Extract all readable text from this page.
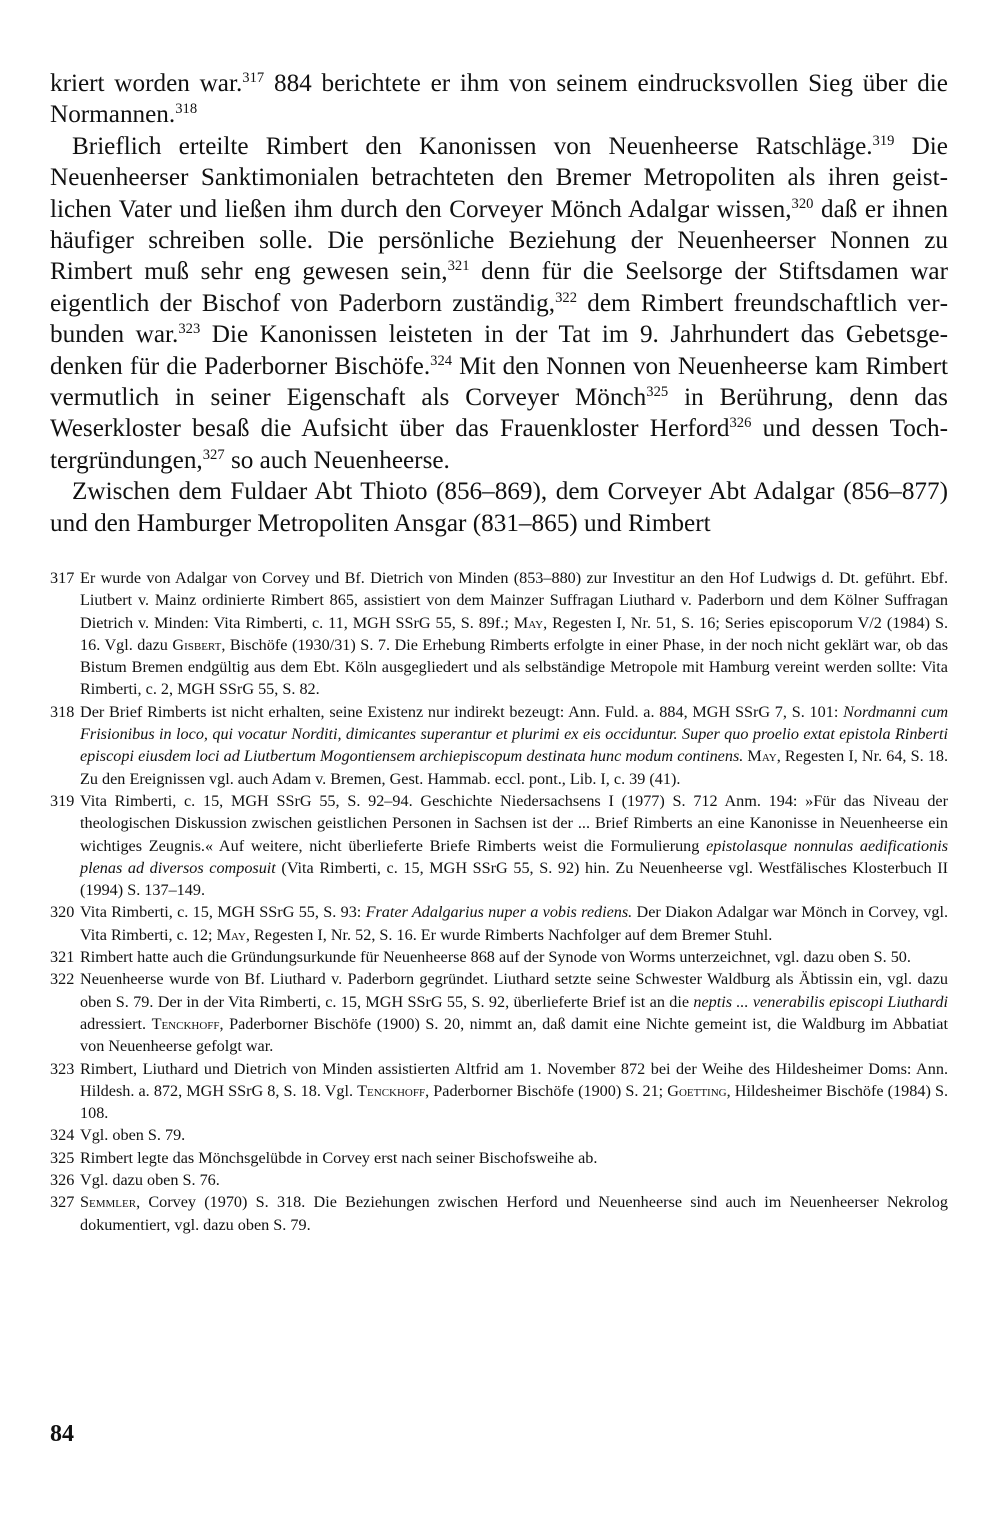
kriert worden war.$^{317}$ 884 berichtete er ihm von seinem eindrucksvollen Sieg über die Normannen.$^{318}$

Brieflich erteilte Rimbert den Kanonissen von Neuenheerse Ratschläge.$^{319}$ Die Neuenheerser Sanktimonialen betrachteten den Bremer Metropoliten als ihren geistlichen Vater und ließen ihm durch den Corveyer Mönch Adalgar wissen,$^{320}$ daß er ihnen häufiger schreiben solle. Die persönliche Beziehung der Neuenheerser Nonnen zu Rimbert muß sehr eng gewesen sein,$^{321}$ denn für die Seelsorge der Stiftsdamen war eigentlich der Bischof von Paderborn zuständig,$^{322}$ dem Rimbert freundschaftlich verbunden war.$^{323}$ Die Kanonissen leisteten in der Tat im 9. Jahrhundert das Gebetsgedenken für die Paderborner Bischöfe.$^{324}$ Mit den Nonnen von Neuenheerse kam Rimbert vermutlich in seiner Eigenschaft als Corveyer Mönch$^{325}$ in Berührung, denn das Weserkloster besaß die Aufsicht über das Frauenkloster Herford$^{326}$ und dessen Tochtergründungen,$^{327}$ so auch Neuenheerse.

Zwischen dem Fuldaer Abt Thioto (856–869), dem Corveyer Abt Adalgar (856–877) und den Hamburger Metropoliten Ansgar (831–865) und Rimbert

317 Er wurde von Adalgar von Corvey und Bf. Dietrich von Minden (853–880) zur Investitur an den Hof Ludwigs d. Dt. geführt. Ebf. Liutbert v. Mainz ordinierte Rimbert 865, assistiert von dem Mainzer Suffragan Liuthard v. Paderborn und dem Kölner Suffragan Dietrich v. Minden: Vita Rimberti, c. 11, MGH SSrG 55, S. 89f.; May, Regesten I, Nr. 51, S. 16; Series episcoporum V/2 (1984) S. 16. Vgl. dazu Gisbert, Bischöfe (1930/31) S. 7. Die Erhebung Rimberts erfolgte in einer Phase, in der noch nicht geklärt war, ob das Bistum Bremen endgültig aus dem Ebt. Köln ausgegliedert und als selbständige Metropole mit Hamburg vereint werden sollte: Vita Rimberti, c. 2, MGH SSrG 55, S. 82.
318 Der Brief Rimberts ist nicht erhalten, seine Existenz nur indirekt bezeugt: Ann. Fuld. a. 884, MGH SSrG 7, S. 101: Nordmanni cum Frisionibus in loco, qui vocatur Norditi, dimicantes superantur et plurimi ex eis occiduntur. Super quo proelio extat epistola Rinberti episcopi eiusdem loci ad Liutbertum Mogontiensem archiepiscopum destinata hunc modum continens. May, Regesten I, Nr. 64, S. 18. Zu den Ereignissen vgl. auch Adam v. Bremen, Gest. Hammab. eccl. pont., Lib. I, c. 39 (41).
319 Vita Rimberti, c. 15, MGH SSrG 55, S. 92–94. Geschichte Niedersachsens I (1977) S. 712 Anm. 194: »Für das Niveau der theologischen Diskussion zwischen geistlichen Personen in Sachsen ist der ... Brief Rimberts an eine Kanonisse in Neuenheerse ein wichtiges Zeugnis.« Auf weitere, nicht überlieferte Briefe Rimberts weist die Formulierung epistolasque nonnulas aedificationis plenas ad diversos composuit (Vita Rimberti, c. 15, MGH SSrG 55, S. 92) hin. Zu Neuenheerse vgl. Westfälisches Klosterbuch II (1994) S. 137–149.
320 Vita Rimberti, c. 15, MGH SSrG 55, S. 93: Frater Adalgarius nuper a vobis rediens. Der Diakon Adalgar war Mönch in Corvey, vgl. Vita Rimberti, c. 12; May, Regesten I, Nr. 52, S. 16. Er wurde Rimberts Nachfolger auf dem Bremer Stuhl.
321 Rimbert hatte auch die Gründungsurkunde für Neuenheerse 868 auf der Synode von Worms unterzeichnet, vgl. dazu oben S. 50.
322 Neuenheerse wurde von Bf. Liuthard v. Paderborn gegründet. Liuthard setzte seine Schwester Waldburg als Äbtissin ein, vgl. dazu oben S. 79. Der in der Vita Rimberti, c. 15, MGH SSrG 55, S. 92, überlieferte Brief ist an die neptis ... venerabilis episcopi Liuthardi adressiert. Tenckhoff, Paderborner Bischöfe (1900) S. 20, nimmt an, daß damit eine Nichte gemeint ist, die Waldburg im Abbatiat von Neuenheerse gefolgt war.
323 Rimbert, Liuthard und Dietrich von Minden assistierten Altfrid am 1. November 872 bei der Weihe des Hildesheimer Doms: Ann. Hildesh. a. 872, MGH SSrG 8, S. 18. Vgl. Tenckhoff, Paderborner Bischöfe (1900) S. 21; Goetting, Hildesheimer Bischöfe (1984) S. 108.
324 Vgl. oben S. 79.
325 Rimbert legte das Mönchsgelübde in Corvey erst nach seiner Bischofsweihe ab.
326 Vgl. dazu oben S. 76.
327 Semmler, Corvey (1970) S. 318. Die Beziehungen zwischen Herford und Neuenheerse sind auch im Neuenheerser Nekrolog dokumentiert, vgl. dazu oben S. 79.
84
